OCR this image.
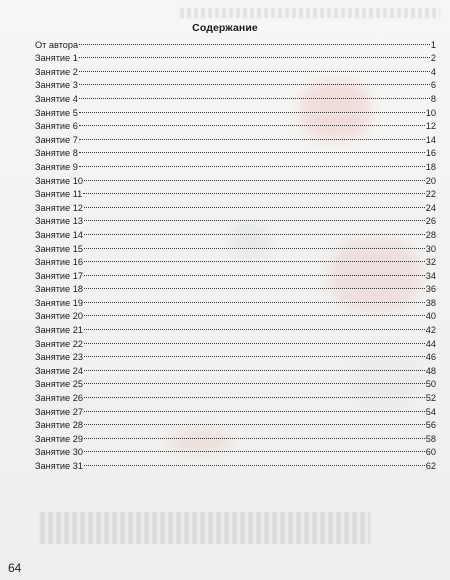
Содержание
От автора	1
Занятие 1	2
Занятие 2	4
Занятие 3	6
Занятие 4	8
Занятие 5	10
Занятие 6	12
Занятие 7	14
Занятие 8	16
Занятие 9	18
Занятие 10	20
Занятие 11	22
Занятие 12	24
Занятие 13	26
Занятие 14	28
Занятие 15	30
Занятие 16	32
Занятие 17	34
Занятие 18	36
Занятие 19	38
Занятие 20	40
Занятие 21	42
Занятие 22	44
Занятие 23	46
Занятие 24	48
Занятие 25	50
Занятие 26	52
Занятие 27	54
Занятие 28	56
Занятие 29	58
Занятие 30	60
Занятие 31	62
64
